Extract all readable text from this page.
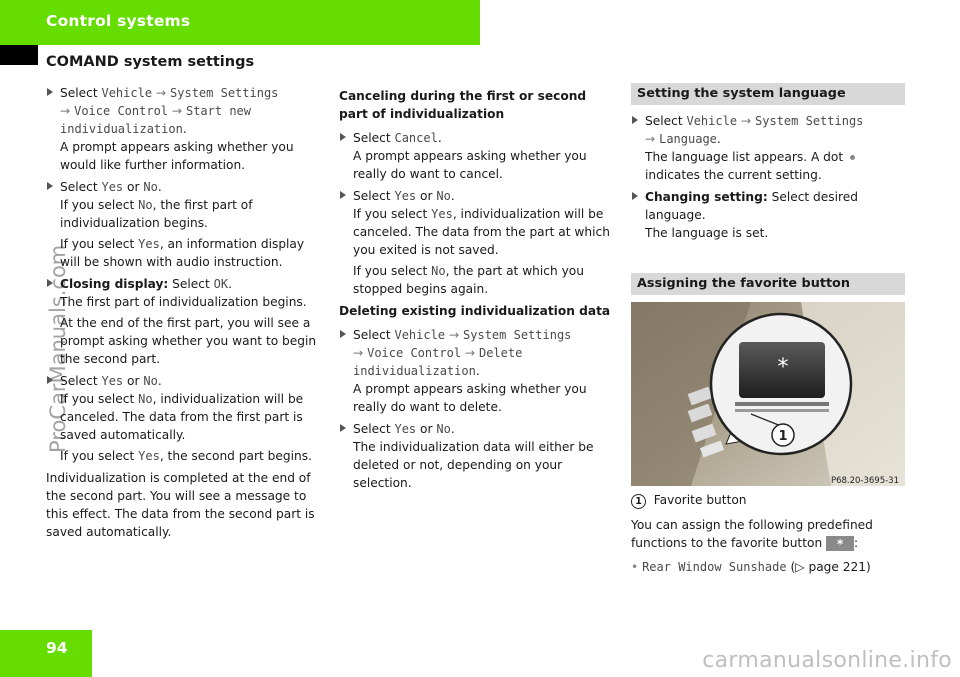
Control systems
COMAND system settings
ProCarManuals.com

Select Vehicle → System Settings
→ Voice Control → Start new
individualization.
A prompt appears asking whether you would like further information.

Select Yes or No.
If you select No, the first part of individualization begins.

If you select Yes, an information display will be shown with audio instruction.

Closing display: Select OK.
The first part of individualization begins.

At the end of the first part, you will see a prompt asking whether you want to begin the second part.

Select Yes or No.
If you select No, individualization will be canceled. The data from the first part is saved automatically.

If you select Yes, the second part begins.

Individualization is completed at the end of the second part. You will see a message to this effect. The data from the second part is saved automatically.

Canceling during the first or second part of individualization

Select Cancel.
A prompt appears asking whether you really do want to cancel.

Select Yes or No.
If you select Yes, individualization will be canceled. The data from the part at which you exited is not saved.

If you select No, the part at which you stopped begins again.

Deleting existing individualization data

Select Vehicle → System Settings
→ Voice Control → Delete
individualization.
A prompt appears asking whether you really do want to delete.

Select Yes or No.
The individualization data will either be deleted or not, depending on your selection.

Setting the system language

Select Vehicle → System Settings
→ Language.
The language list appears. A dot
indicates the current setting.

Changing setting: Select desired language.
The language is set.

Assigning the favorite button
*
1
P68.20-3695-31

1 Favorite button

You can assign the following predefined functions to the favorite button * :

• Rear Window Sunshade (▷ page 221)

94	carmanualsonline.info
